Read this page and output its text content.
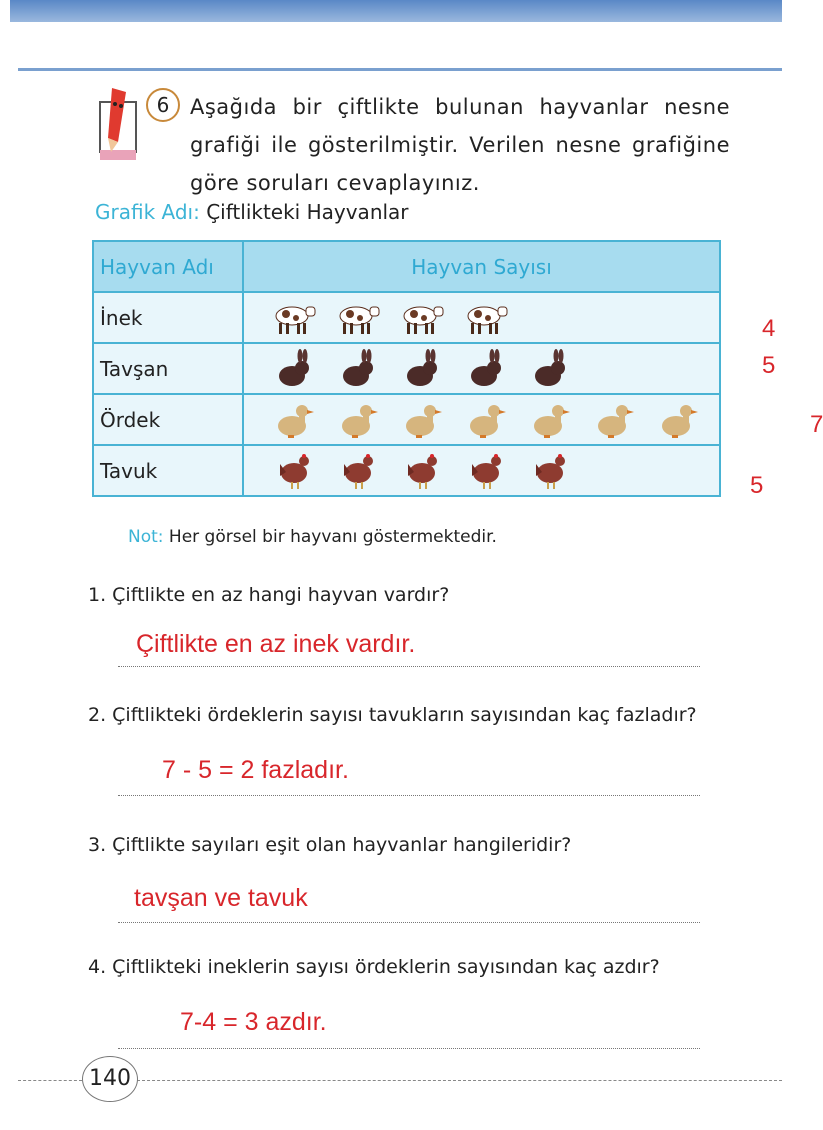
6 Aşağıda bir çiftlikte bulunan hayvanlar nesne
grafiği ile gösterilmiştir. Verilen nesne grafiğine
göre soruları cevaplayınız.
Grafik Adı: Çiftlikteki Hayvanlar
Hayvan Adı	Hayvan Sayısı
İnek	4

Tavşan	5

Ördek	7

Tavuk	5
Not: Her görsel bir hayvanı göstermektedir.
1. Çiftlikte en az hangi hayvan vardır?
Çiftlikte en az inek vardır.
2. Çiftlikteki ördeklerin sayısı tavukların sayısından kaç fazladır?
7 - 5 = 2 fazladır.
3. Çiftlikte sayıları eşit olan hayvanlar hangileridir?
tavşan ve tavuk
4. Çiftlikteki ineklerin sayısı ördeklerin sayısından kaç azdır?
7-4 = 3 azdır.
140
